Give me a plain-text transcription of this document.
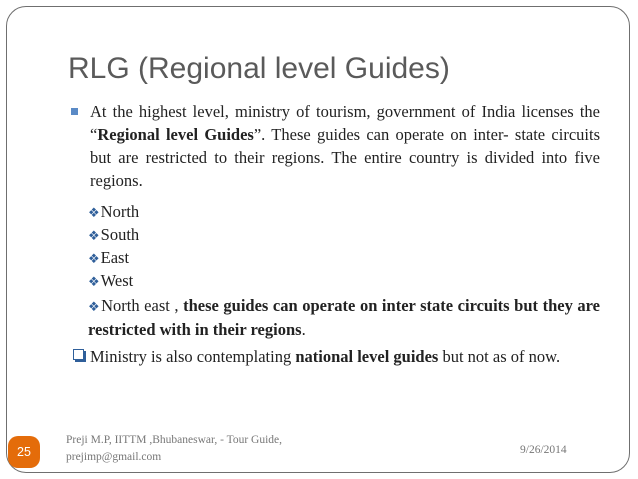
RLG (Regional level Guides)
At the highest level, ministry of tourism, government of India licenses the “Regional level Guides”. These guides can operate on inter- state circuits but are restricted to their regions. The entire country is divided into five regions.
❖North
❖South
❖East
❖West
❖North east , these guides can operate on inter state circuits but they are restricted with in their regions.
Ministry is also contemplating national level guides but not as of now.
25
Preji M.P, IITTM ,Bhubaneswar, - Tour Guide,
prejimp@gmail.com
9/26/2014
